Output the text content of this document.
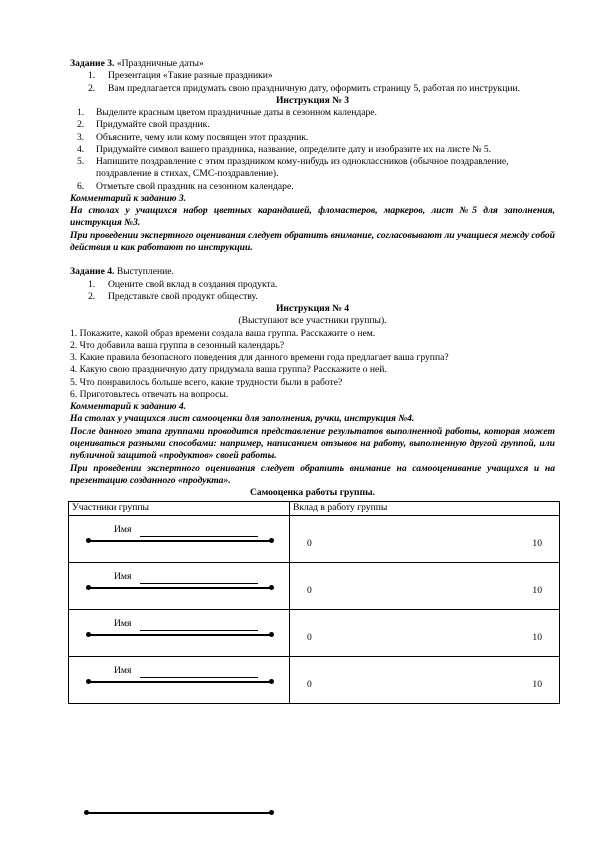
Задание 3. «Праздничные даты»

1. Презентация «Такие разные праздники»
2. Вам предлагается придумать свою праздничную дату, оформить страницу 5, работая по инструкции.

Инструкция № 3

1. Выделите красным цветом праздничные даты в сезонном календаре.
2. Придумайте свой праздник.
3. Объясните, чему или кому посвящен этот праздник.
4. Придумайте символ вашего праздника, название, определите дату и изобразите их на листе № 5.
5. Напишите поздравление с этим праздником кому-нибудь из одноклассников (обычное поздравление, поздравление в стихах, СМС-поздравление).
6. Отметьте свой праздник на сезонном календаре.

Комментарий к заданию 3.

На столах у учащихся набор цветных карандашей, фломастеров, маркеров, лист №5 для заполнения, инструкция №3.

При проведении экспертного оценивания следует обратить внимание, согласовывают ли учащиеся между собой действия и как работают по инструкции.

Задание 4. Выступление.

1. Оцените свой вклад в создания продукта.
2. Представьте свой продукт обществу.

Инструкция № 4

(Выступают все участники группы).

1. Покажите, какой образ времени создала ваша группа. Расскажите о нем.

2. Что добавила ваша группа в сезонный календарь?

3. Какие правила безопасного поведения для данного времени года предлагает ваша группа?

4. Какую свою праздничную дату придумала ваша группа? Расскажите о ней.

5. Что понравилось больше всего, какие трудности были в работе?

6. Приготовьтесь отвечать на вопросы.

Комментарий к заданию 4.

На столах у учащихся лист самооценки для заполнения, ручки, инструкция №4.

После данного этапа группами проводится представление результатов выполненной работы, которая может оцениваться разными способами: например, написанием отзывов на работу, выполненную другой группой, или публичной защитой «продуктов» своей работы.

При проведении экспертного оценивания следует обратить внимание на самооценивание учащихся и на презентацию созданного «продукта».

Самооценка работы группы.

Участники группы	Вклад в работу группы

Имя	0 10

Имя	0 10

Имя	0 10

Имя	0 10
